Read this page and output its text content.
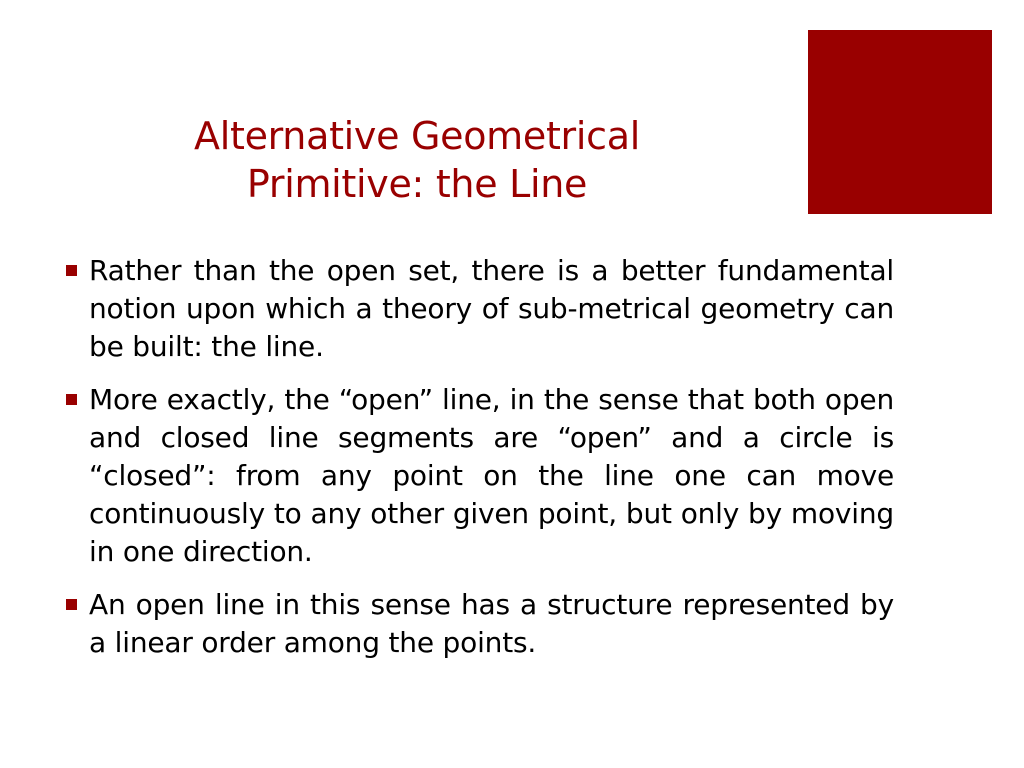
Alternative Geometrical
Primitive: the Line
Rather than the open set, there is a better fundamental notion upon which a theory of sub-metrical geometry can be built: the line.
More exactly, the “open” line, in the sense that both open and closed line segments are “open” and a circle is “closed”: from any point on the line one can move continuously to any other given point, but only by moving in one direction.
An open line in this sense has a structure represented by a linear order among the points.
